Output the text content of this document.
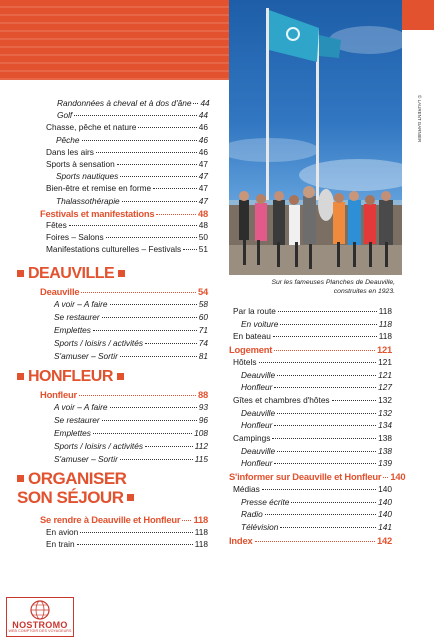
© LAURENT GARNIER
Sur les fameuses Planches de Deauville, construites en 1923.
Randonnées à cheval et à dos d'âne 44
Golf	44
Chasse, pêche et nature	46
Pêche	46
Dans les airs	46
Sports à sensation	47
Sports nautiques	47
Bien-être et remise en forme	47
Thalassothérapie	47
Festivals et manifestations	48
Fêtes	48
Foires – Salons	50
Manifestations culturelles – Festivals 51
DEAUVILLE
Deauville	54
A voir – A faire	58
Se restaurer	60
Emplettes	71
Sports / loisirs / activités	74
S'amuser – Sortir	81
HONFLEUR
Honfleur	88
A voir – A faire	93
Se restaurer	96
Emplettes	108
Sports / loisirs / activités	112
S'amuser – Sortir	115
ORGANISER
SON SÉJOUR
Se rendre à Deauville et Honfleur 118
En avion	118
En train	118
Par la route	118
En voiture	118
En bateau	118
Logement	121
Hôtels	121
Deauville	121
Honfleur	127
Gîtes et chambres d'hôtes	132
Deauville	132
Honfleur	134
Campings	138
Deauville	138
Honfleur	139
S'informer sur Deauville et Honfleur 140
Médias	140
Presse écrite	140
Radio	140
Télévision	141
Index	142
NOSTROMO
WEB COMPTOIR DES VOYAGEURS
